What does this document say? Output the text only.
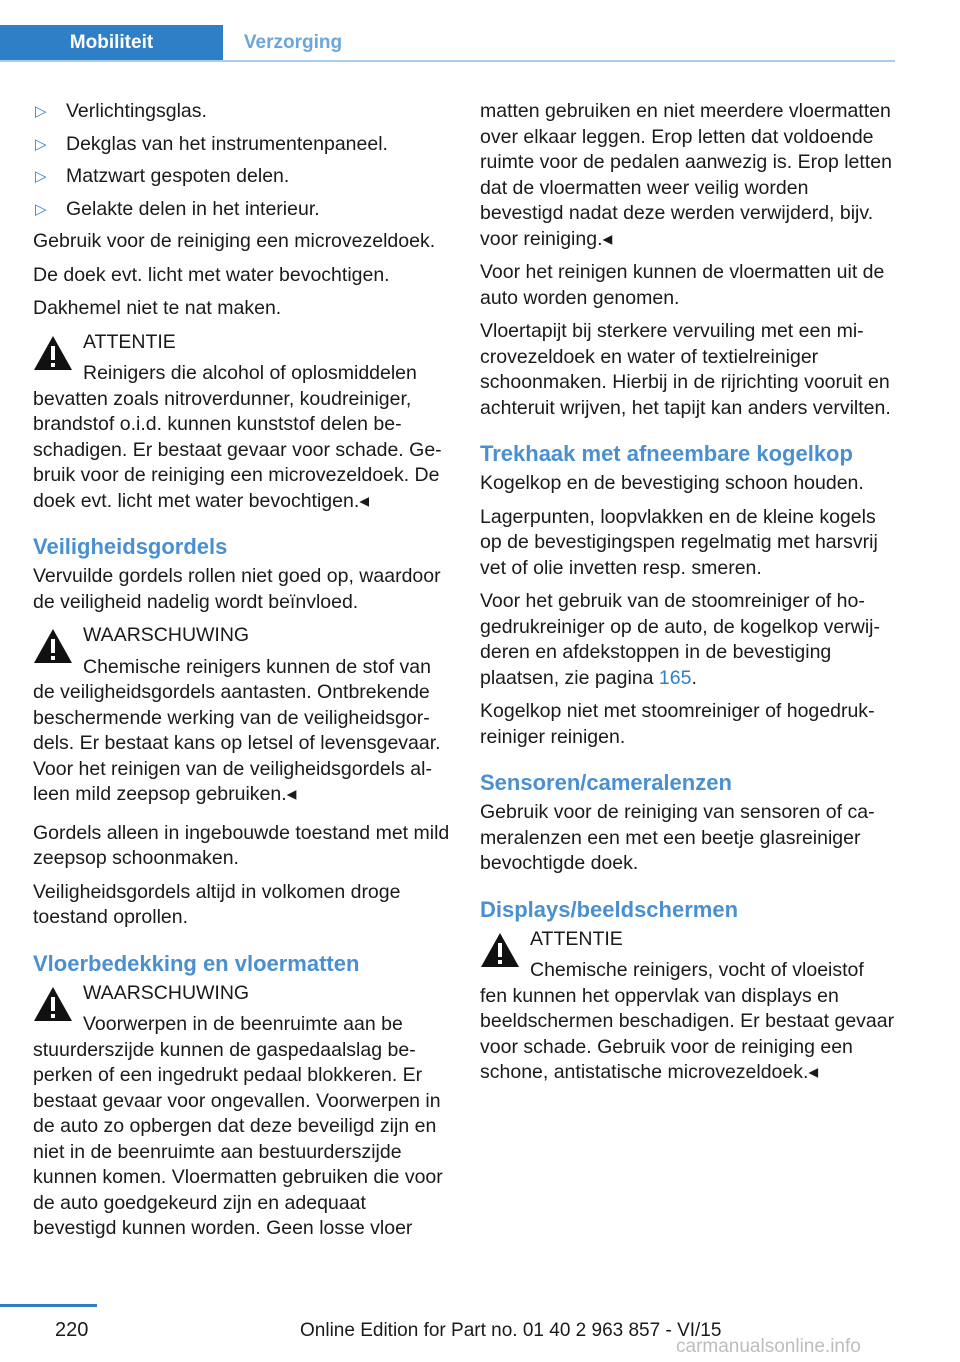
Mobiliteit	Verzorging
▷ Verlichtingsglas.
▷ Dekglas van het instrumentenpaneel.
▷ Matzwart gespoten delen.
▷ Gelakte delen in het interieur.

Gebruik voor de reiniging een microvezeldoek.

De doek evt. licht met water bevochtigen.

Dakhemel niet te nat maken.

ATTENTIE
Reinigers die alcohol of oplosmiddelen
bevatten zoals nitroverdunner, koudreiniger, brandstof o.i.d. kunnen kunststof delen beschadigen. Er bestaat gevaar voor schade. Gebruik voor de reiniging een microvezeldoek. De doek evt. licht met water bevochtigen.◂
Veiligheidsgordels

Vervuilde gordels rollen niet goed op, waardoor de veiligheid nadelig wordt beïnvloed.

WAARSCHUWING
Chemische reinigers kunnen de stof van
de veiligheidsgordels aantasten. Ontbrekende beschermende werking van de veiligheidsgordels. Er bestaat kans op letsel of levensgevaar. Voor het reinigen van de veiligheidsgordels alleen mild zeepsop gebruiken.◂

Gordels alleen in ingebouwde toestand met mild zeepsop schoonmaken.

Veiligheidsgordels altijd in volkomen droge toestand oprollen.

Vloerbedekking en vloermatten
WAARSCHUWING
Voorwerpen in de beenruimte aan be
stuurderszijde kunnen de gaspedaalslag beperken of een ingedrukt pedaal blokkeren. Er bestaat gevaar voor ongevallen. Voorwerpen in de auto zo opbergen dat deze beveiligd zijn en niet in de beenruimte aan bestuurderszijde kunnen komen. Vloermatten gebruiken die voor de auto goedgekeurd zijn en adequaat bevestigd kunnen worden. Geen losse vloer

matten gebruiken en niet meerdere vloermatten over elkaar leggen. Erop letten dat voldoende ruimte voor de pedalen aanwezig is. Erop letten dat de vloermatten weer veilig worden bevestigd nadat deze werden verwijderd, bijv. voor reiniging.◂

Voor het reinigen kunnen de vloermatten uit de auto worden genomen.

Vloertapijt bij sterkere vervuiling met een microvezeldoek en water of textielreiniger schoonmaken. Hierbij in de rijrichting vooruit en achteruit wrijven, het tapijt kan anders vervilten.

Trekhaak met afneembare kogelkop

Kogelkop en de bevestiging schoon houden.

Lagerpunten, loopvlakken en de kleine kogels op de bevestigingspen regelmatig met harsvrij vet of olie invetten resp. smeren.

Voor het gebruik van de stoomreiniger of hogedrukreiniger op de auto, de kogelkop verwijderen en afdekstoppen in de bevestiging plaatsen, zie pagina 165.

Kogelkop niet met stoomreiniger of hogedrukreiniger reinigen.

Sensoren/cameralenzen

Gebruik voor de reiniging van sensoren of cameralenzen een met een beetje glasreiniger bevochtigde doek.

Displays/beeldschermen
ATTENTIE
Chemische reinigers, vocht of vloeistof
fen kunnen het oppervlak van displays en beeldschermen beschadigen. Er bestaat gevaar voor schade. Gebruik voor de reiniging een schone, antistatische microvezeldoek.◂
220	Online Edition for Part no. 01 40 2 963 857 - VI/15
carmanualsonline.info
